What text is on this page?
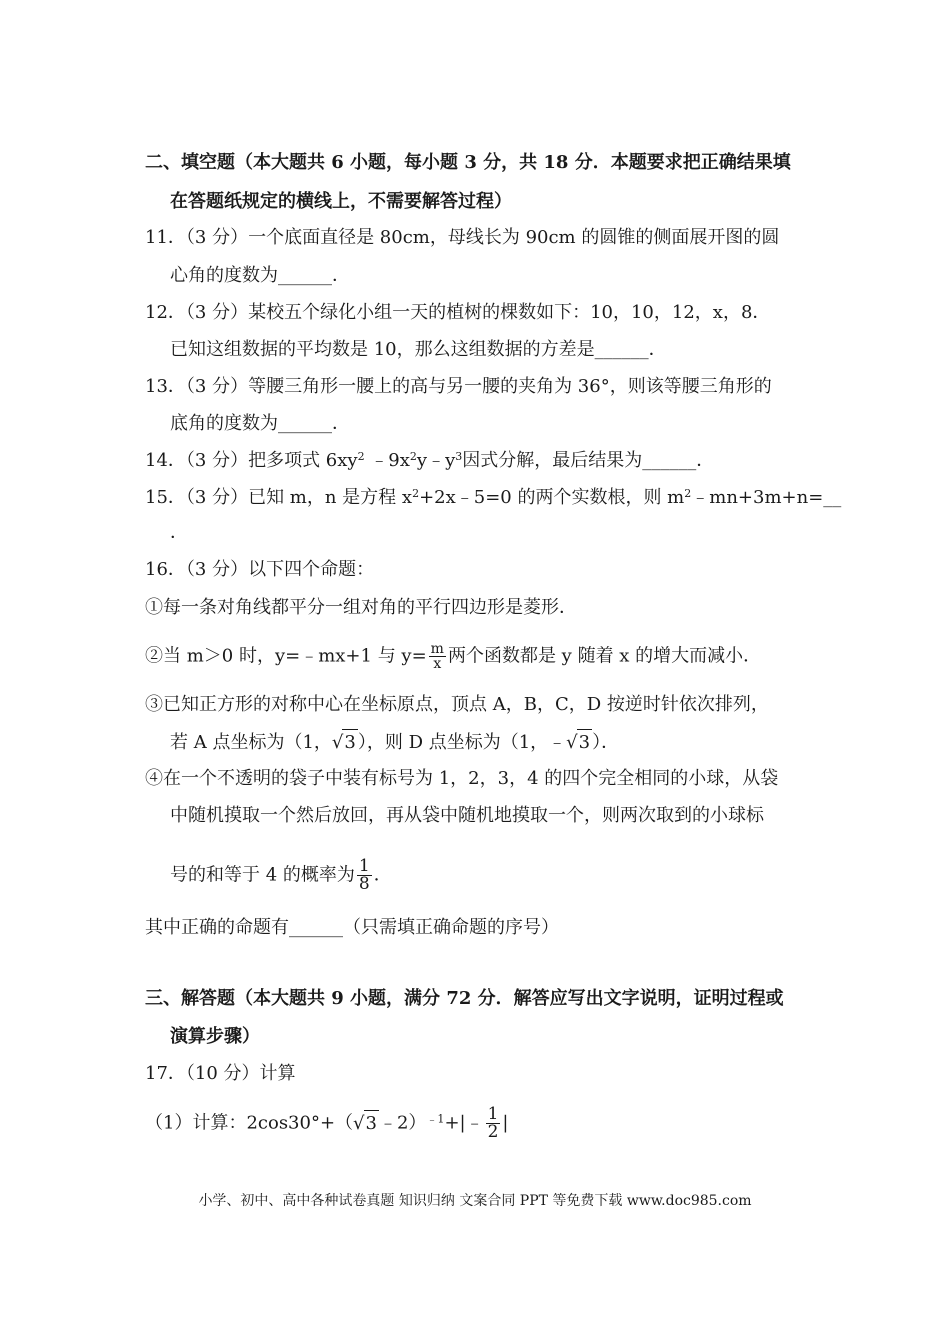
二、填空题（本大题共 6 小题，每小题 3 分，共 18 分．本题要求把正确结果填
在答题纸规定的横线上，不需要解答过程）
11．（3 分）一个底面直径是 80cm，母线长为 90cm 的圆锥的侧面展开图的圆
心角的度数为______．
12．（3 分）某校五个绿化小组一天的植树的棵数如下：10，10，12，x，8．
已知这组数据的平均数是 10，那么这组数据的方差是______．
13．（3 分）等腰三角形一腰上的高与另一腰的夹角为 36°，则该等腰三角形的
底角的度数为______．
14．（3 分）把多项式 $6xy^2$ $﹣9x^2y﹣y^3$因式分解，最后结果为______．
15．（3 分）已知 m，n 是方程 $x^2+2x﹣5=0$ 的两个实数根，则 $m^2﹣mn+3m+n=\_\_$
．
16．（3 分）以下四个命题：
①每一条对角线都平分一组对角的平行四边形是菱形．
②当 m＞0 时，y=﹣mx+1 与 $y= \frac{m}{x}$ 两个函数都是 y 随着 x 的增大而减小．
③已知正方形的对称中心在坐标原点，顶点 A，B，C，D 按逆时针依次排列，
若 A 点坐标为（1，√3 ），则 D 点坐标为（1，﹣√3 ）．
④在一个不透明的袋子中装有标号为 1，2，3，4 的四个完全相同的小球，从袋
中随机摸取一个然后放回，再从袋中随机地摸取一个，则两次取到的小球标
号的和等于 4 的概率为 $\frac{1}{8}$ ．
其中正确的命题有______（只需填正确命题的序号）
三、解答题（本大题共 9 小题，满分 72 分．解答应写出文字说明，证明过程或
演算步骤）
17．（10 分）计算
（1）计算：2cos30°+（√3 ﹣2）$^{﹣1}$+|﹣ $\frac{1}{2}$ |
小学、初中、高中各种试卷真题 知识归纳 文案合同 PPT 等免费下载 www.doc985.com
